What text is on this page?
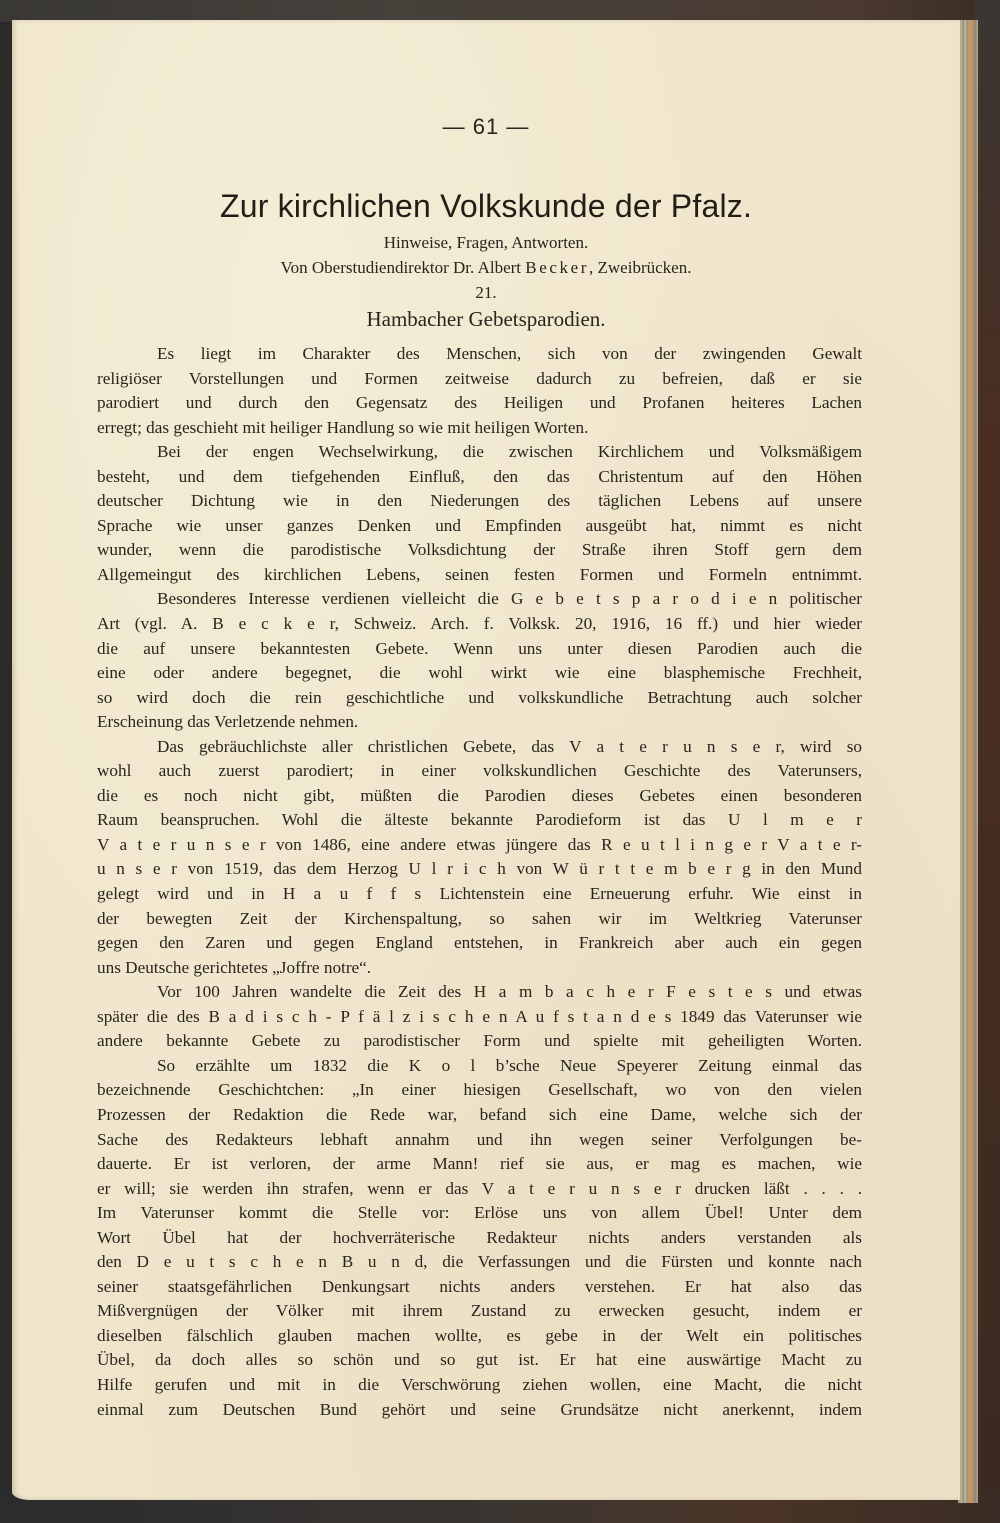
— 61 —
Zur kirchlichen Volkskunde der Pfalz.
Hinweise, Fragen, Antworten.
Von Oberstudiendirektor Dr. Albert Becker, Zweibrücken.
21.
Hambacher Gebetsparodien.
Es liegt im Charakter des Menschen, sich von der zwingenden Gewalt
religiöser Vorstellungen und Formen zeitweise dadurch zu befreien, daß er sie
parodiert und durch den Gegensatz des Heiligen und Profanen heiteres Lachen
erregt; das geschieht mit heiliger Handlung so wie mit heiligen Worten.
Bei der engen Wechselwirkung, die zwischen Kirchlichem und Volksmäßigem
besteht, und dem tiefgehenden Einfluß, den das Christentum auf den Höhen
deutscher Dichtung wie in den Niederungen des täglichen Lebens auf unsere
Sprache wie unser ganzes Denken und Empfinden ausgeübt hat, nimmt es nicht
wunder, wenn die parodistische Volksdichtung der Straße ihren Stoff gern dem
Allgemeingut des kirchlichen Lebens, seinen festen Formen und Formeln entnimmt.
Besonderes Interesse verdienen vielleicht die G e b e t s p a r o d i e n politischer
Art (vgl. A. B e c k e r, Schweiz. Arch. f. Volksk. 20, 1916, 16 ff.) und hier wieder
die auf unsere bekanntesten Gebete. Wenn uns unter diesen Parodien auch die
eine oder andere begegnet, die wohl wirkt wie eine blasphemische Frechheit,
so wird doch die rein geschichtliche und volkskundliche Betrachtung auch solcher
Erscheinung das Verletzende nehmen.
Das gebräuchlichste aller christlichen Gebete, das V a t e r u n s e r, wird so
wohl auch zuerst parodiert; in einer volkskundlichen Geschichte des Vaterunsers,
die es noch nicht gibt, müßten die Parodien dieses Gebetes einen besonderen
Raum beanspruchen. Wohl die älteste bekannte Parodieform ist das U l m e r
V a t e r u n s e r von 1486, eine andere etwas jüngere das R e u t l i n g e r V a t e r-
u n s e r von 1519, das dem Herzog U l r i c h von W ü r t t e m b e r g in den Mund
gelegt wird und in H a u f f s Lichtenstein eine Erneuerung erfuhr. Wie einst in
der bewegten Zeit der Kirchenspaltung, so sahen wir im Weltkrieg Vaterunser
gegen den Zaren und gegen England entstehen, in Frankreich aber auch ein gegen
uns Deutsche gerichtetes „Joffre notre“.
Vor 100 Jahren wandelte die Zeit des H a m b a c h e r F e s t e s und etwas
später die des B a d i s c h - P f ä l z i s c h e n A u f s t a n d e s 1849 das Vaterunser wie
andere bekannte Gebete zu parodistischer Form und spielte mit geheiligten Worten.
So erzählte um 1832 die K o l b’sche Neue Speyerer Zeitung einmal das
bezeichnende Geschichtchen: „In einer hiesigen Gesellschaft, wo von den vielen
Prozessen der Redaktion die Rede war, befand sich eine Dame, welche sich der
Sache des Redakteurs lebhaft annahm und ihn wegen seiner Verfolgungen be-
dauerte. Er ist verloren, der arme Mann! rief sie aus, er mag es machen, wie
er will; sie werden ihn strafen, wenn er das V a t e r u n s e r drucken läßt . . . .
Im Vaterunser kommt die Stelle vor: Erlöse uns von allem Übel! Unter dem
Wort Übel hat der hochverräterische Redakteur nichts anders verstanden als
den D e u t s c h e n B u n d, die Verfassungen und die Fürsten und konnte nach
seiner staatsgefährlichen Denkungsart nichts anders verstehen. Er hat also das
Mißvergnügen der Völker mit ihrem Zustand zu erwecken gesucht, indem er
dieselben fälschlich glauben machen wollte, es gebe in der Welt ein politisches
Übel, da doch alles so schön und so gut ist. Er hat eine auswärtige Macht zu
Hilfe gerufen und mit in die Verschwörung ziehen wollen, eine Macht, die nicht
einmal zum Deutschen Bund gehört und seine Grundsätze nicht anerkennt, indem
